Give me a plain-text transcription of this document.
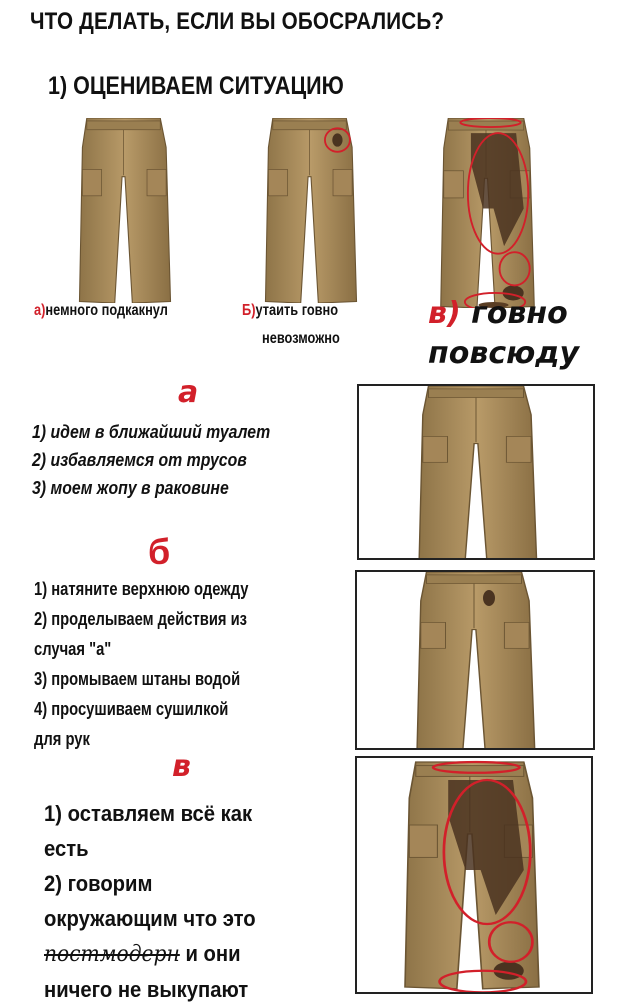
ЧТО ДЕЛАТЬ, ЕСЛИ ВЫ ОБОСРАЛИСЬ?
1) ОЦЕНИВАЕМ СИТУАЦИЮ
а)немного подкакнул	Б)утаить говно
невозможно
в) говно
повсюду
а
1) идем в ближайший туалет
2) избавляемся от трусов
3) моем жопу в раковине
б
1) натяните верхнюю одежду
2) проделываем действия из
случая "а"
3) промываем штаны водой
4) просушиваем сушилкой
для рук
в
1) оставляем всё как
есть
2) говорим
окружающим что это
постмодерн и они
ничего не выкупают
